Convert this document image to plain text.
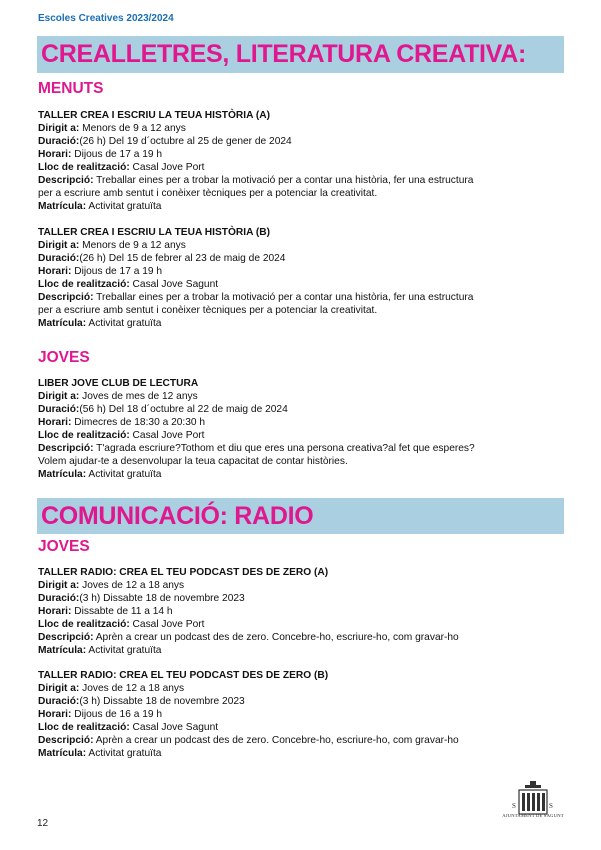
Escoles Creatives 2023/2024
CREALLETRES, LITERATURA CREATIVA:
MENUTS
TALLER CREA I ESCRIU LA TEUA HISTÒRIA (A)
Dirigit a: Menors de 9 a 12 anys
Duració:(26 h) Del 19 d´octubre al 25 de gener de 2024
Horari: Dijous de 17 a 19 h
Lloc de realització: Casal Jove Port
Descripció: Treballar eines per a trobar la motivació per a contar una història, fer una estructura
per a escriure amb sentut i conèixer tècniques per a potenciar la creativitat.
Matrícula: Activitat gratuïta
TALLER CREA I ESCRIU LA TEUA HISTÒRIA (B)
Dirigit a: Menors de 9 a 12 anys
Duració:(26 h) Del 15 de febrer al 23 de maig de 2024
Horari: Dijous de 17 a 19 h
Lloc de realització: Casal Jove Sagunt
Descripció: Treballar eines per a trobar la motivació per a contar una història, fer una estructura
per a escriure amb sentut i conèixer tècniques per a potenciar la creativitat.
Matrícula: Activitat gratuïta
JOVES
LIBER JOVE CLUB DE LECTURA
Dirigit a: Joves de mes de 12 anys
Duració:(56 h) Del 18 d´octubre al 22 de maig de 2024
Horari: Dimecres de 18:30 a 20:30 h
Lloc de realització: Casal Jove Port
Descripció: T'agrada escriure?Tothom et diu que eres una persona creativa?al fet que esperes?
Volem ajudar-te a desenvolupar la teua capacitat de contar històries.
Matrícula: Activitat gratuïta
COMUNICACIÓ: RADIO
JOVES
TALLER RADIO: CREA EL TEU PODCAST DES DE ZERO (A)
Dirigit a: Joves de 12 a 18 anys
Duració:(3 h) Dissabte 18 de novembre 2023
Horari: Dissabte de 11 a 14 h
Lloc de realització: Casal Jove Port
Descripció: Aprèn a crear un podcast des de zero. Concebre-ho, escriure-ho, com gravar-ho
Matrícula: Activitat gratuïta
TALLER RADIO: CREA EL TEU PODCAST DES DE ZERO (B)
Dirigit a: Joves de 12 a 18 anys
Duració:(3 h) Dissabte 18 de novembre 2023
Horari: Dijous de 16 a 19 h
Lloc de realització: Casal Jove Sagunt
Descripció: Aprèn a crear un podcast des de zero. Concebre-ho, escriure-ho, com gravar-ho
Matrícula: Activitat gratuïta
12
S	S
AJUNTAMENT DE SAGUNT
